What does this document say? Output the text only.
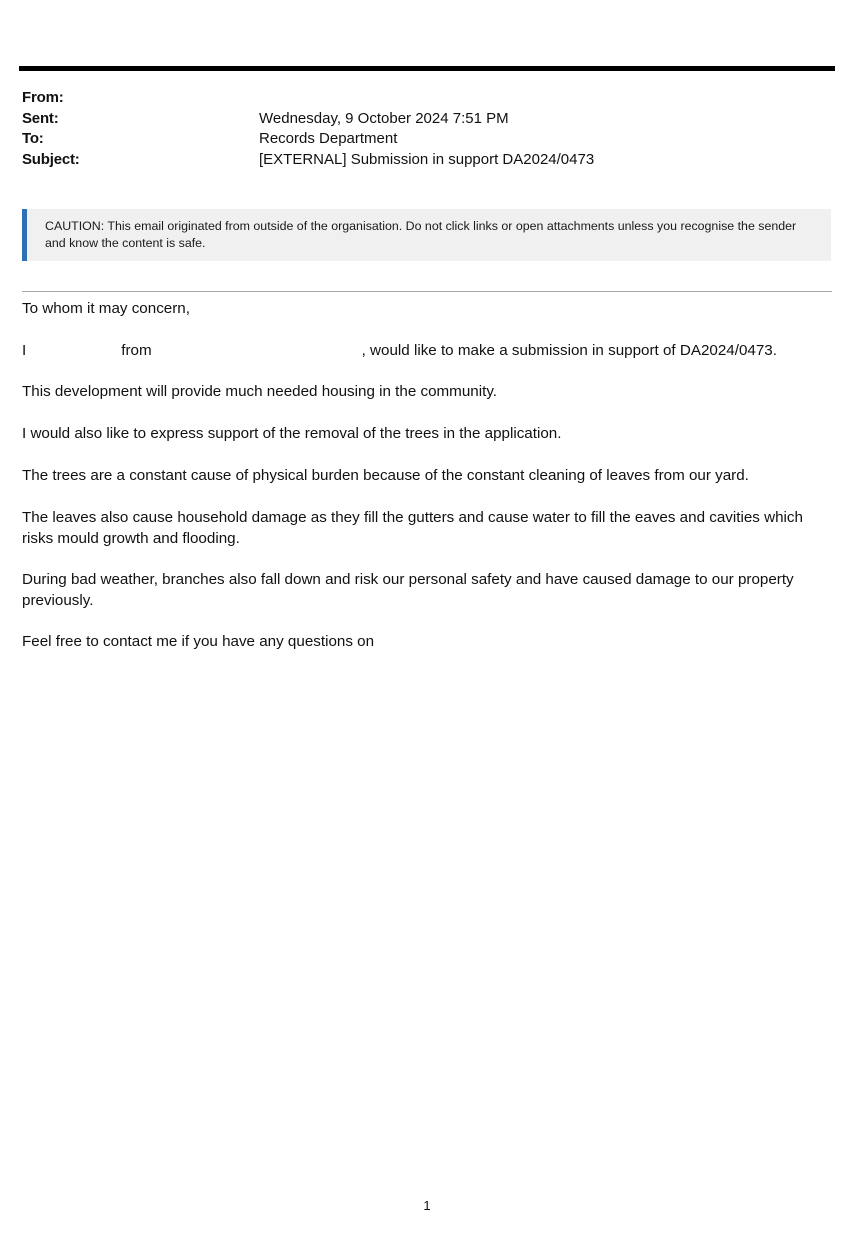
From:
Sent:	Wednesday, 9 October 2024 7:51 PM
To:	Records Department
Subject:	[EXTERNAL] Submission in support DA2024/0473
CAUTION: This email originated from outside of the organisation. Do not click links or open attachments unless you recognise the sender
and know the content is safe.
To whom it may concern,
I	from	, would like to make a submission in support of DA2024/0473.
This development will provide much needed housing in the community.
I would also like to express support of the removal of the trees in the application.
The trees are a constant cause of physical burden because of the constant cleaning of leaves from our yard.
The leaves also cause household damage as they fill the gutters and cause water to fill the eaves and cavities which
risks mould growth and flooding.
During bad weather, branches also fall down and risk our personal safety and have caused damage to our property
previously.
Feel free to contact me if you have any questions on
1
